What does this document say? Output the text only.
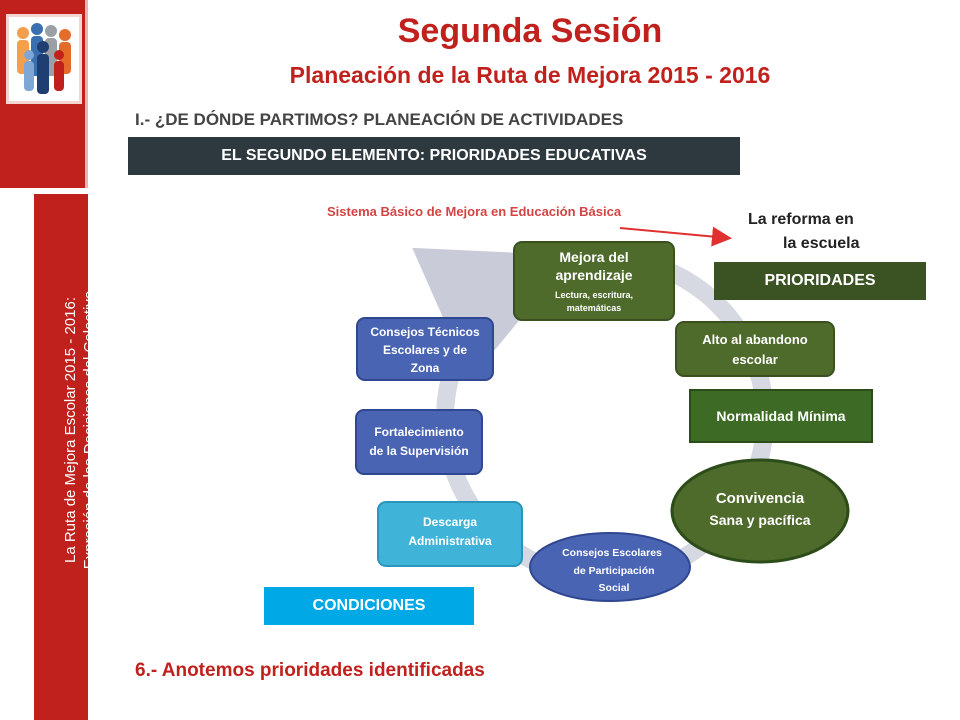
La Ruta de Mejora Escolar 2015 - 2016: Expresión de las Decisiones del Colectivo
Segunda Sesión
Planeación de la Ruta de Mejora 2015 - 2016
I.- ¿DE DÓNDE PARTIMOS? PLANEACIÓN DE ACTIVIDADES
EL SEGUNDO ELEMENTO: PRIORIDADES EDUCATIVAS
Sistema Básico de Mejora en Educación Básica	La reforma en
la escuela
Mejora del
aprendizaje
Lectura, escritura,
matemáticas
Alto al abandono
escolar
Normalidad Mínima
Convivencia
Sana y pacífica
Consejos Escolares
de Participación
Social
Descarga
Administrativa
Fortalecimiento
de la Supervisión
Consejos Técnicos
Escolares y de
Zona
PRIORIDADES
CONDICIONES
6.- Anotemos prioridades identificadas
